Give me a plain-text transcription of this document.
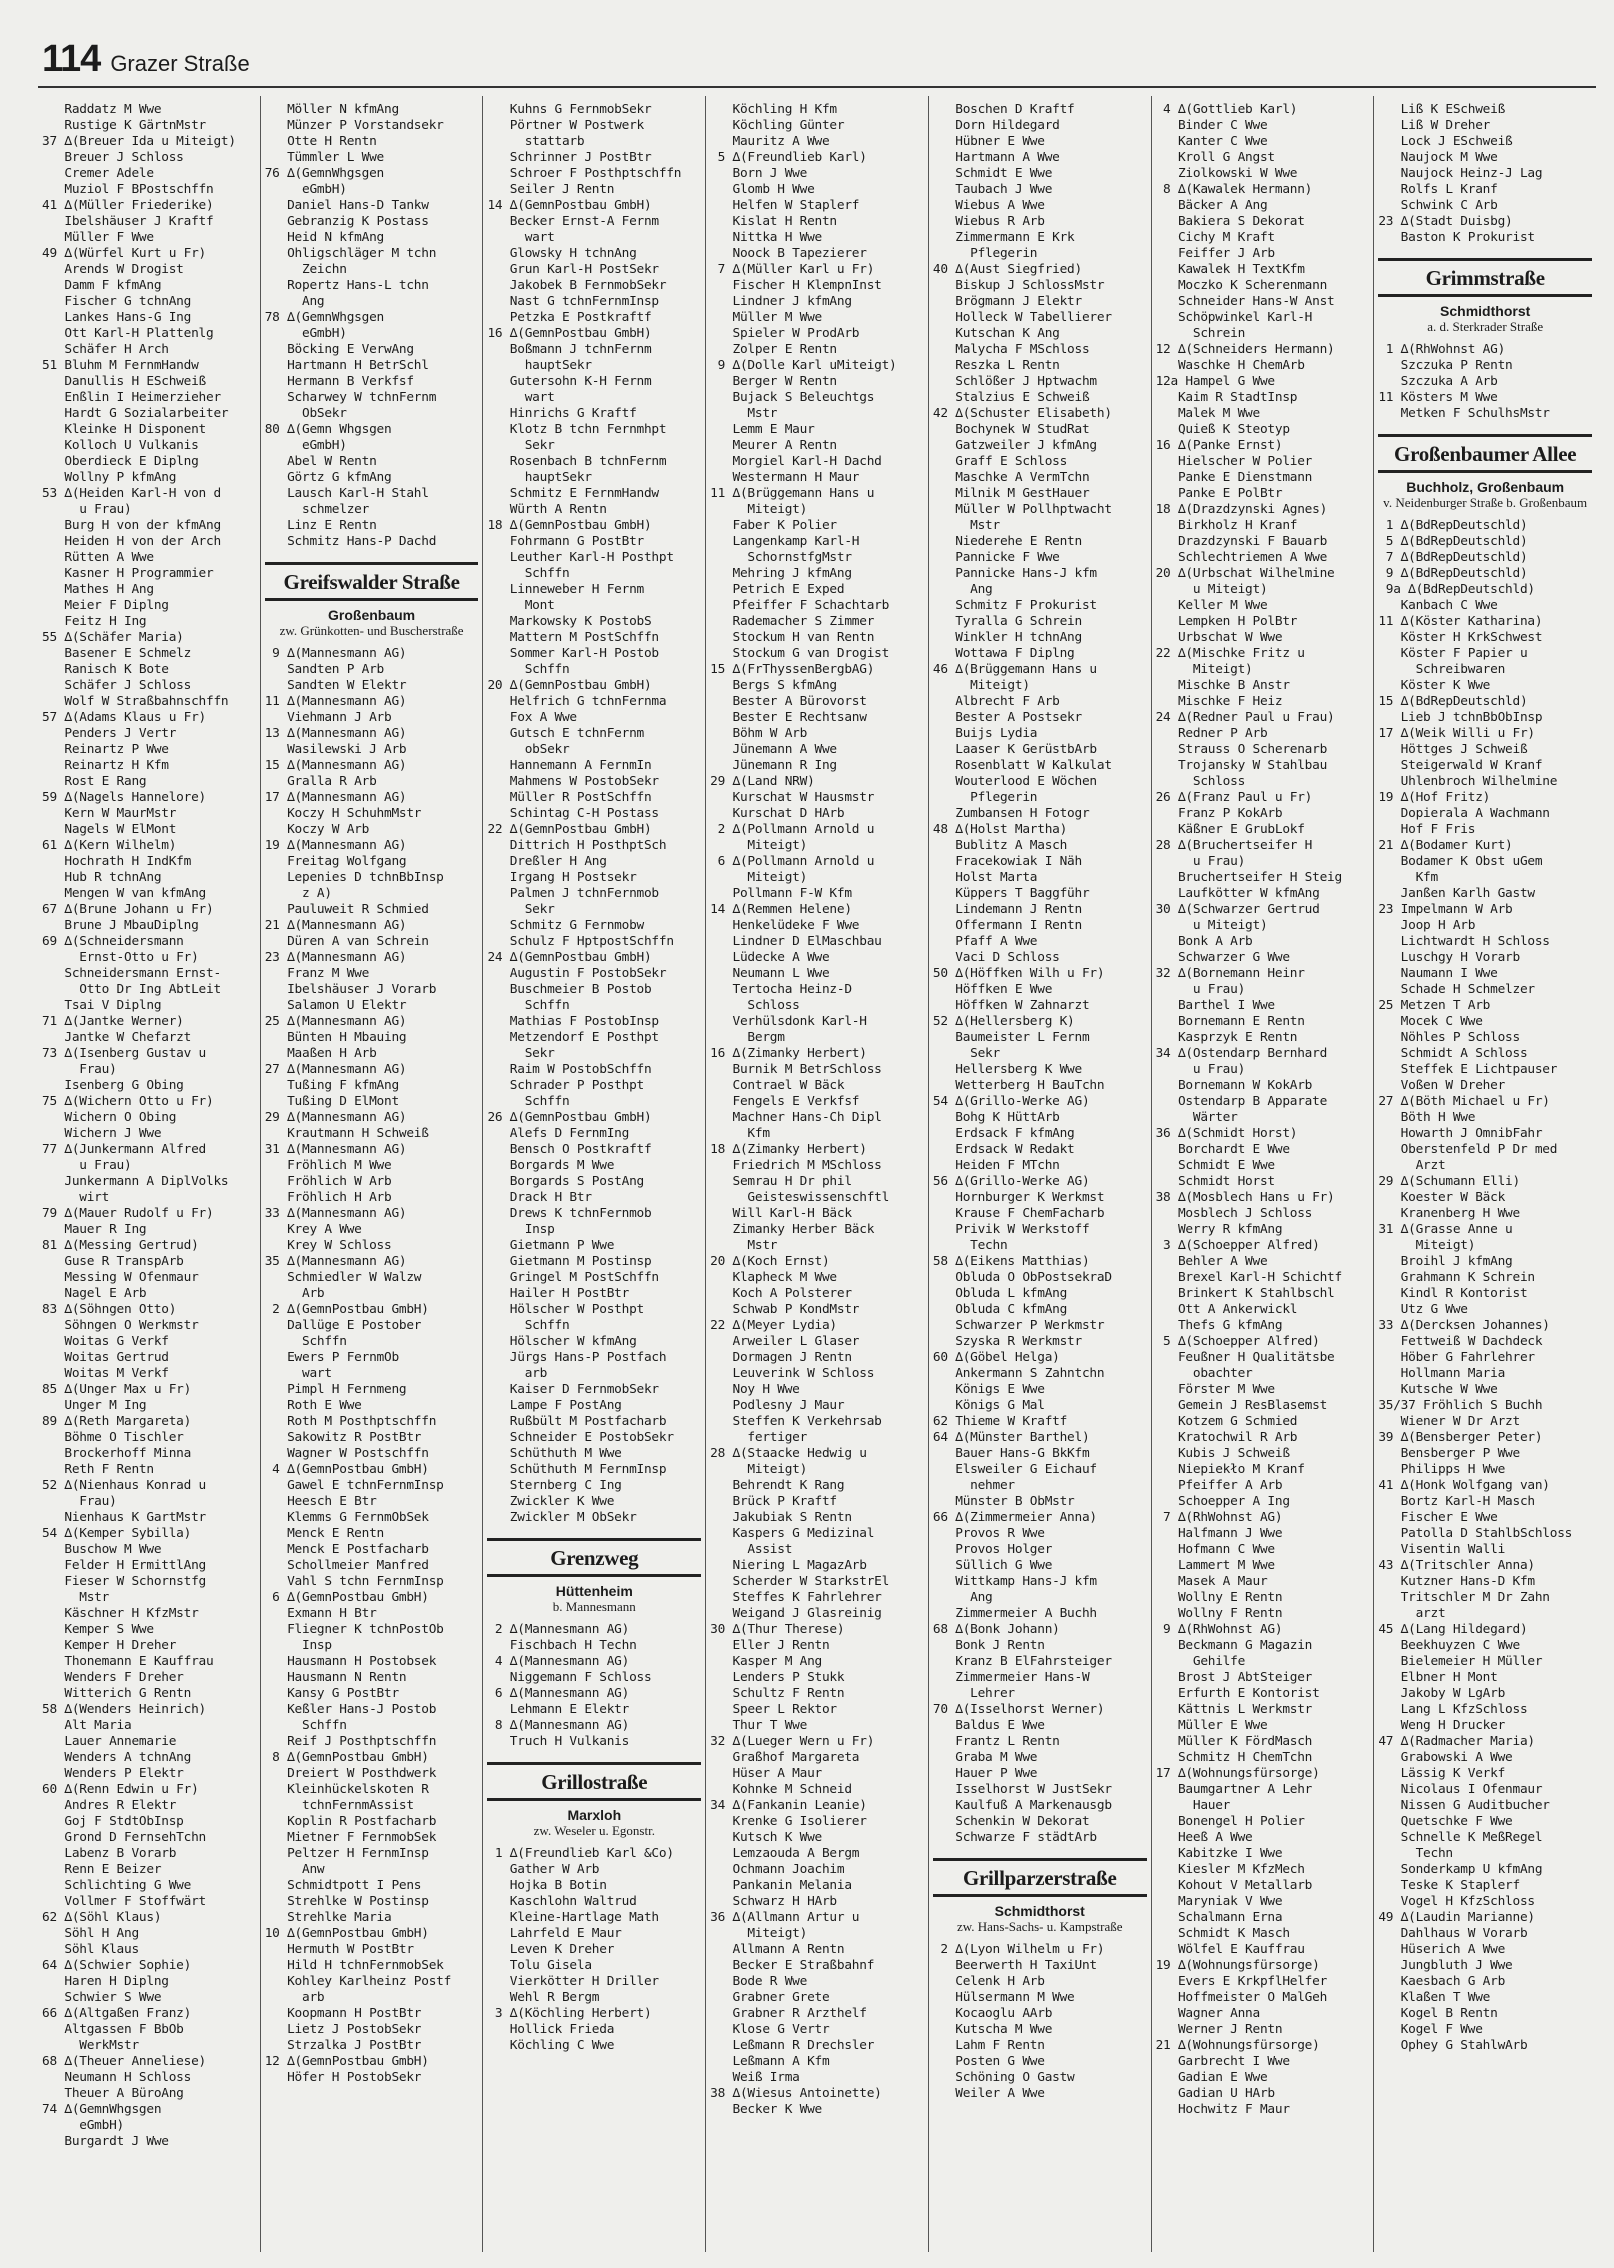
114 Grazer Straße
Raddatz M Wwe
Rustige K GärtnMstr
37 ∆(Breuer Ida u Miteigt)
Breuer J Schloss
Cremer Adele
Muziol F BPostschffn
41 ∆(Müller Friederike)
Ibelshäuser J Kraftf
Müller F Wwe
49 ∆(Würfel Kurt u Fr)
Arends W Drogist
Damm F kfmAng
Fischer G tchnAng
Lankes Hans-G Ing
Ott Karl-H Plattenlg
Schäfer H Arch
51 Bluhm M FernmHandw
Danullis H ESchweiß
Enßlin I Heimerzieher
Hardt G Sozialarbeiter
Kleinke H Disponent
Kolloch U Vulkanis
Oberdieck E Diplng
Wollny P kfmAng
53 ∆(Heiden Karl-H von d
u Frau)
Burg H von der kfmAng
Heiden H von der Arch
Rütten A Wwe
Kasner H Programmier
Mathes H Ang
Meier F Diplng
Feitz H Ing
55 ∆(Schäfer Maria)
Basener E Schmelz
Ranisch K Bote
Schäfer J Schloss
Wolf W Straßbahnschffn
57 ∆(Adams Klaus u Fr)
Penders J Vertr
Reinartz P Wwe
Reinartz H Kfm
Rost E Rang
59 ∆(Nagels Hannelore)
Kern W MaurMstr
Nagels W ElMont
61 ∆(Kern Wilhelm)
Hochrath H IndKfm
Hub R tchnAng
Mengen W van kfmAng
67 ∆(Brune Johann u Fr)
Brune J MbauDiplng
69 ∆(Schneidersmann
Ernst-Otto u Fr)
Schneidersmann Ernst-
Otto Dr Ing AbtLeit
Tsai V Diplng
71 ∆(Jantke Werner)
Jantke W Chefarzt
73 ∆(Isenberg Gustav u
Frau)
Isenberg G Obing
75 ∆(Wichern Otto u Fr)
Wichern O Obing
Wichern J Wwe
77 ∆(Junkermann Alfred
u Frau)
Junkermann A DiplVolks
wirt
79 ∆(Mauer Rudolf u Fr)
Mauer R Ing
81 ∆(Messing Gertrud)
Guse R TranspArb
Messing W Ofenmaur
Nagel E Arb
83 ∆(Söhngen Otto)
Söhngen O Werkmstr
Woitas G Verkf
Woitas Gertrud
Woitas M Verkf
85 ∆(Unger Max u Fr)
Unger M Ing
89 ∆(Reth Margareta)
Böhme O Tischler
Brockerhoff Minna
Reth F Rentn
52 ∆(Nienhaus Konrad u
Frau)
Nienhaus K GartMstr
54 ∆(Kemper Sybilla)
Buschow M Wwe
Felder H ErmittlAng
Fieser W Schornstfg
Mstr
Käschner H KfzMstr
Kemper S Wwe
Kemper H Dreher
Thonemann E Kauffrau
Wenders F Dreher
Witterich G Rentn
58 ∆(Wenders Heinrich)
Alt Maria
Lauer Annemarie
Wenders A tchnAng
Wenders P Elektr
60 ∆(Renn Edwin u Fr)
Andres R Elektr
Goj F StdtObInsp
Grond D FernsehTchn
Labenz B Vorarb
Renn E Beizer
Schlichting G Wwe
Vollmer F Stoffwärt
62 ∆(Söhl Klaus)
Söhl H Ang
Söhl Klaus
64 ∆(Schwier Sophie)
Haren H Diplng
Schwier S Wwe
66 ∆(Altgaßen Franz)
Altgassen F BbOb
WerkMstr
68 ∆(Theuer Anneliese)
Neumann H Schloss
Theuer A BüroAng
74 ∆(GemnWhgsgen
eGmbH)
Burgardt J Wwe
Möller N kfmAng
Münzer P Vorstandsekr
Otte H Rentn
Tümmler L Wwe
76 ∆(GemnWhgsgen
eGmbH)
Daniel Hans-D Tankw
Gebranzig K Postass
Heid N kfmAng
Ohligschläger M tchn
Zeichn
Ropertz Hans-L tchn
Ang
78 ∆(GemnWhgsgen
eGmbH)
Böcking E VerwAng
Hartmann H BetrSchl
Hermann B Verkfsf
Scharwey W tchnFernm
ObSekr
80 ∆(Gemn Whgsgen
eGmbH)
Abel W Rentn
Görtz G kfmAng
Lausch Karl-H Stahl
schmelzer
Linz E Rentn
Schmitz Hans-P Dachd
Greifswalder Straße
Großenbaum
zw. Grünkotten- und Buscherstraße
9 ∆(Mannesmann AG)
Sandten P Arb
Sandten W Elektr
11 ∆(Mannesmann AG)
Viehmann J Arb
13 ∆(Mannesmann AG)
Wasilewski J Arb
15 ∆(Mannesmann AG)
Gralla R Arb
17 ∆(Mannesmann AG)
Koczy H SchuhmMstr
Koczy W Arb
19 ∆(Mannesmann AG)
Freitag Wolfgang
Lepenies D tchnBbInsp
z A)
Pauluweit R Schmied
21 ∆(Mannesmann AG)
Düren A van Schrein
23 ∆(Mannesmann AG)
Franz M Wwe
Ibelshäuser J Vorarb
Salamon U Elektr
25 ∆(Mannesmann AG)
Bünten H Mbauing
Maaßen H Arb
27 ∆(Mannesmann AG)
Tußing F kfmAng
Tußing D ElMont
29 ∆(Mannesmann AG)
Krautmann H Schweiß
31 ∆(Mannesmann AG)
Fröhlich M Wwe
Fröhlich W Arb
Fröhlich H Arb
33 ∆(Mannesmann AG)
Krey A Wwe
Krey W Schloss
35 ∆(Mannesmann AG)
Schmiedler W Walzw
Arb
2 ∆(GemnPostbau GmbH)
Dallüge E Postober
Schffn
Ewers P FernmOb
wart
Pimpl H Fernmeng
Roth E Wwe
Roth M Posthptschffn
Sakowitz R PostBtr
Wagner W Postschffn
4 ∆(GemnPostbau GmbH)
Gawel E tchnFernmInsp
Heesch E Btr
Klemms G FernmObSek
Menck E Rentn
Menck E Postfacharb
Schollmeier Manfred
Vahl S tchn FernmInsp
6 ∆(GemnPostbau GmbH)
Exmann H Btr
Fliegner K tchnPostOb
Insp
Hausmann H Postobsek
Hausmann N Rentn
Kansy G PostBtr
Keßler Hans-J Postob
Schffn
Reif J Posthptschffn
8 ∆(GemnPostbau GmbH)
Dreiert W Posthdwerk
Kleinhückelskoten R
tchnFernmAssist
Koplin R Postfacharb
Mietner F FernmobSek
Peltzer H FernmInsp
Anw
Schmidtpott I Pens
Strehlke W Postinsp
Strehlke Maria
10 ∆(GemnPostbau GmbH)
Hermuth W PostBtr
Hild H tchnFernmobSek
Kohley Karlheinz Postf
arb
Koopmann H PostBtr
Lietz J PostobSekr
Strzalka J PostBtr
12 ∆(GemnPostbau GmbH)
Höfer H PostobSekr
Kuhns G FernmobSekr
Pörtner W Postwerk
stattarb
Schrinner J PostBtr
Schroer F Posthptschffn
Seiler J Rentn
14 ∆(GemnPostbau GmbH)
Becker Ernst-A Fernm
wart
Glowsky H tchnAng
Grun Karl-H PostSekr
Jakobek B FernmobSekr
Nast G tchnFernmInsp
Petzka E Postkraftf
16 ∆(GemnPostbau GmbH)
Boßmann J tchnFernm
hauptSekr
Gutersohn K-H Fernm
wart
Hinrichs G Kraftf
Klotz B tchn Fernmhpt
Sekr
Rosenbach B tchnFernm
hauptSekr
Schmitz E FernmHandw
Würth A Rentn
18 ∆(GemnPostbau GmbH)
Fohrmann G PostBtr
Leuther Karl-H Posthpt
Schffn
Linneweber H Fernm
Mont
Markowsky K PostobS
Mattern M PostSchffn
Sommer Karl-H Postob
Schffn
20 ∆(GemnPostbau GmbH)
Helfrich G tchnFernma
Fox A Wwe
Gutsch E tchnFernm
obSekr
Hannemann A FernmIn
Mahmens W PostobSekr
Müller R PostSchffn
Schintag C-H Postass
22 ∆(GemnPostbau GmbH)
Dittrich H PosthptSch
Dreßler H Ang
Irgang H Postsekr
Palmen J tchnFernmob
Sekr
Schmitz G Fernmobw
Schulz F HptpostSchffn
24 ∆(GemnPostbau GmbH)
Augustin F PostobSekr
Buschmeier B Postob
Schffn
Mathias F PostobInsp
Metzendorf E Posthpt
Sekr
Raim W PostobSchffn
Schrader P Posthpt
Schffn
26 ∆(GemnPostbau GmbH)
Alefs D FernmIng
Bensch O Postkraftf
Borgards M Wwe
Borgards S PostAng
Drack H Btr
Drews K tchnFernmob
Insp
Gietmann P Wwe
Gietmann M Postinsp
Gringel M PostSchffn
Hailer H PostBtr
Hölscher W Posthpt
Schffn
Hölscher W kfmAng
Jürgs Hans-P Postfach
arb
Kaiser D FernmobSekr
Lampe F PostAng
Rußbült M Postfacharb
Schneider E PostobSekr
Schüthuth M Wwe
Schüthuth M FernmInsp
Sternberg C Ing
Zwickler K Wwe
Zwickler M ObSekr
Grenzweg
Hüttenheim
b. Mannesmann
2 ∆(Mannesmann AG)
Fischbach H Techn
4 ∆(Mannesmann AG)
Niggemann F Schloss
6 ∆(Mannesmann AG)
Lehmann E Elektr
8 ∆(Mannesmann AG)
Truch H Vulkanis
Grillostraße
Marxloh
zw. Weseler u. Egonstr.
1 ∆(Freundlieb Karl &Co)
Gather W Arb
Hojka B Botin
Kaschlohn Waltrud
Kleine-Hartlage Math
Lahrfeld E Maur
Leven K Dreher
Tolu Gisela
Vierkötter H Driller
Wehl R Bergm
3 ∆(Köchling Herbert)
Hollick Frieda
Köchling C Wwe
Köchling H Kfm
Köchling Günter
Mauritz A Wwe
5 ∆(Freundlieb Karl)
Born J Wwe
Glomb H Wwe
Helfen W Staplerf
Kislat H Rentn
Nittka H Wwe
Noock B Tapezierer
7 ∆(Müller Karl u Fr)
Fischer H KlempnInst
Lindner J kfmAng
Müller M Wwe
Spieler W ProdArb
Zolper E Rentn
9 ∆(Dolle Karl uMiteigt)
Berger W Rentn
Bujack S Beleuchtgs
Mstr
Lemm E Maur
Meurer A Rentn
Morgiel Karl-H Dachd
Westermann H Maur
11 ∆(Brüggemann Hans u
Miteigt)
Faber K Polier
Langenkamp Karl-H
SchornstfgMstr
Mehring J kfmAng
Petrich E Exped
Pfeiffer F Schachtarb
Rademacher S Zimmer
Stockum H van Rentn
Stockum G van Drogist
15 ∆(FrThyssenBergbAG)
Bergs S kfmAng
Bester A Bürovorst
Bester E Rechtsanw
Böhm W Arb
Jünemann A Wwe
Jünemann R Ing
29 ∆(Land NRW)
Kurschat W Hausmstr
Kurschat D HArb
2 ∆(Pollmann Arnold u
Miteigt)
6 ∆(Pollmann Arnold u
Miteigt)
Pollmann F-W Kfm
14 ∆(Remmen Helene)
Henkelüdeke F Wwe
Lindner D ElMaschbau
Lüdecke A Wwe
Neumann L Wwe
Tertocha Heinz-D
Schloss
Verhülsdonk Karl-H
Bergm
16 ∆(Zimanky Herbert)
Burnik M BetrSchloss
Contrael W Bäck
Fengels E Verkfsf
Machner Hans-Ch Dipl
Kfm
18 ∆(Zimanky Herbert)
Friedrich M MSchloss
Semrau H Dr phil
Geisteswissenschftl
Will Karl-H Bäck
Zimanky Herber Bäck
Mstr
20 ∆(Koch Ernst)
Klapheck M Wwe
Koch A Polsterer
Schwab P KondMstr
22 ∆(Meyer Lydia)
Arweiler L Glaser
Dormagen J Rentn
Leuverink W Schloss
Noy H Wwe
Podlesny J Maur
Steffen K Verkehrsab
fertiger
28 ∆(Staacke Hedwig u
Miteigt)
Behrendt K Rang
Brück P Kraftf
Jakubiak S Rentn
Kaspers G Medizinal
Assist
Niering L MagazArb
Scherder W StarkstrEl
Steffes K Fahrlehrer
Weigand J Glasreinig
30 ∆(Thur Therese)
Eller J Rentn
Kasper M Ang
Lenders P Stukk
Schultz F Rentn
Speer L Rektor
Thur T Wwe
32 ∆(Lueger Wern u Fr)
Graßhof Margareta
Hüser A Maur
Kohnke M Schneid
34 ∆(Fankanin Leanie)
Krenke G Isolierer
Kutsch K Wwe
Lemzaouda A Bergm
Ochmann Joachim
Pankanin Melania
Schwarz H HArb
36 ∆(Allmann Artur u
Miteigt)
Allmann A Rentn
Becker E Straßbahnf
Bode R Wwe
Grabner Grete
Grabner R Arzthelf
Klose G Vertr
Leßmann R Drechsler
Leßmann A Kfm
Weiß Irma
38 ∆(Wiesus Antoinette)
Becker K Wwe
Boschen D Kraftf
Dorn Hildegard
Hübner E Wwe
Hartmann A Wwe
Schmidt E Wwe
Taubach J Wwe
Wiebus A Wwe
Wiebus R Arb
Zimmermann E Krk
Pflegerin
40 ∆(Aust Siegfried)
Biskup J SchlossMstr
Brögmann J Elektr
Holleck W Tabellierer
Kutschan K Ang
Malycha F MSchloss
Reszka L Rentn
Schlößer J Hptwachm
Stalzius E Schweiß
42 ∆(Schuster Elisabeth)
Bochynek W StudRat
Gatzweiler J kfmAng
Graff E Schloss
Maschke A VermTchn
Milnik M GestHauer
Müller W Pollhptwacht
Mstr
Niederehe E Rentn
Pannicke F Wwe
Pannicke Hans-J kfm
Ang
Schmitz F Prokurist
Tyralla G Schrein
Winkler H tchnAng
Wottawa F Diplng
46 ∆(Brüggemann Hans u
Miteigt)
Albrecht F Arb
Bester A Postsekr
Buijs Lydia
Laaser K GerüstbArb
Rosenblatt W Kalkulat
Wouterlood E Wöchen
Pflegerin
Zumbansen H Fotogr
48 ∆(Holst Martha)
Bublitz A Masch
Fracekowiak I Näh
Holst Marta
Küppers T Baggführ
Lindemann J Rentn
Offermann I Rentn
Pfaff A Wwe
Vaci D Schloss
50 ∆(Höffken Wilh u Fr)
Höffken E Wwe
Höffken W Zahnarzt
52 ∆(Hellersberg K)
Baumeister L Fernm
Sekr
Hellersberg K Wwe
Wetterberg H BauTchn
54 ∆(Grillo-Werke AG)
Bohg K HüttArb
Erdsack F kfmAng
Erdsack W Redakt
Heiden F MTchn
56 ∆(Grillo-Werke AG)
Hornburger K Werkmst
Krause F ChemFacharb
Privik W Werkstoff
Techn
58 ∆(Eikens Matthias)
Obluda O ObPostsekraD
Obluda L kfmAng
Obluda C kfmAng
Schwarzer P Werkmstr
Szyska R Werkmstr
60 ∆(Göbel Helga)
Ankermann S Zahntchn
Königs E Wwe
Königs G Mal
62 Thieme W Kraftf
64 ∆(Münster Barthel)
Bauer Hans-G BkKfm
Elsweiler G Eichauf
nehmer
Münster B ObMstr
66 ∆(Zimmermeier Anna)
Provos R Wwe
Provos Holger
Süllich G Wwe
Wittkamp Hans-J kfm
Ang
Zimmermeier A Buchh
68 ∆(Bonk Johann)
Bonk J Rentn
Kranz B ElFahrsteiger
Zimmermeier Hans-W
Lehrer
70 ∆(Isselhorst Werner)
Baldus E Wwe
Frantz L Rentn
Graba M Wwe
Hauer P Wwe
Isselhorst W JustSekr
Kaulfuß A Markenausgb
Schenkin W Dekorat
Schwarze F städtArb
Grillparzerstraße
Schmidthorst
zw. Hans-Sachs- u. Kampstraße
2 ∆(Lyon Wilhelm u Fr)
Beerwerth H TaxiUnt
Celenk H Arb
Hülsermann M Wwe
Kocaoglu AArb
Kutscha M Wwe
Lahm F Rentn
Posten G Wwe
Schöning O Gastw
Weiler A Wwe
4 ∆(Gottlieb Karl)
Binder C Wwe
Kanter C Wwe
Kroll G Angst
Ziolkowski W Wwe
8 ∆(Kawalek Hermann)
Bäcker A Ang
Bakiera S Dekorat
Cichy M Kraft
Feiffer J Arb
Kawalek H TextKfm
Moczko K Scherenmann
Schneider Hans-W Anst
Schöpwinkel Karl-H
Schrein
12 ∆(Schneiders Hermann)
Waschke H ChemArb
12a Hampel G Wwe
Kaim R StadtInsp
Malek M Wwe
Quieß K Steotyp
16 ∆(Panke Ernst)
Hielscher W Polier
Panke E Dienstmann
Panke E PolBtr
18 ∆(Drazdzynski Agnes)
Birkholz H Kranf
Drazdzynski F Bauarb
Schlechtriemen A Wwe
20 ∆(Urbschat Wilhelmine
u Miteigt)
Keller M Wwe
Lempken H PolBtr
Urbschat W Wwe
22 ∆(Mischke Fritz u
Miteigt)
Mischke B Anstr
Mischke F Heiz
24 ∆(Redner Paul u Frau)
Redner P Arb
Strauss O Scherenarb
Trojansky W Stahlbau
Schloss
26 ∆(Franz Paul u Fr)
Franz P KokArb
Käßner E GrubLokf
28 ∆(Bruchertseifer H
u Frau)
Bruchertseifer H Steig
Laufkötter W kfmAng
30 ∆(Schwarzer Gertrud
u Miteigt)
Bonk A Arb
Schwarzer G Wwe
32 ∆(Bornemann Heinr
u Frau)
Barthel I Wwe
Bornemann E Rentn
Kasprzyk E Rentn
34 ∆(Ostendarp Bernhard
u Frau)
Bornemann W KokArb
Ostendarp B Apparate
Wärter
36 ∆(Schmidt Horst)
Borchardt E Wwe
Schmidt E Wwe
Schmidt Horst
38 ∆(Mosblech Hans u Fr)
Mosblech J Schloss
Werry R kfmAng
3 ∆(Schoepper Alfred)
Behler A Wwe
Brexel Karl-H Schichtf
Brinkert K Stahlbschl
Ott A Ankerwickl
Thefs G kfmAng
5 ∆(Schoepper Alfred)
Feußner H Qualitätsbe
obachter
Förster M Wwe
Gemein J ResBlasemst
Kotzem G Schmied
Kratochwil R Arb
Kubis J Schweiß
Niepiekło M Kranf
Pfeiffer A Arb
Schoepper A Ing
7 ∆(RhWohnst AG)
Halfmann J Wwe
Hofmann C Wwe
Lammert M Wwe
Masek A Maur
Wollny E Rentn
Wollny F Rentn
9 ∆(RhWohnst AG)
Beckmann G Magazin
Gehilfe
Brost J AbtSteiger
Erfurth E Kontorist
Kättnis L Werkmstr
Müller E Wwe
Müller K FördMasch
Schmitz H ChemTchn
17 ∆(Wohnungsfürsorge)
Baumgartner A Lehr
Hauer
Bonengel H Polier
Heeß A Wwe
Kabitzke I Wwe
Kiesler M KfzMech
Kohout V Metallarb
Maryniak V Wwe
Schalmann Erna
Schmidt K Masch
Wölfel E Kauffrau
19 ∆(Wohnungsfürsorge)
Evers E KrkpflHelfer
Hoffmeister O MalGeh
Wagner Anna
Werner J Rentn
21 ∆(Wohnungsfürsorge)
Garbrecht I Wwe
Gadian E Wwe
Gadian U HArb
Hochwitz F Maur
Liß K ESchweiß
Liß W Dreher
Lock J ESchweiß
Naujock M Wwe
Naujock Heinz-J Lag
Rolfs L Kranf
Schwink C Arb
23 ∆(Stadt Duisbg)
Baston K Prokurist
Grimmstraße
Schmidthorst
a. d. Sterkrader Straße
1 ∆(RhWohnst AG)
Szczuka P Rentn
Szczuka A Arb
11 Kösters M Wwe
Metken F SchulhsMstr
Großenbaumer Allee
Buchholz, Großenbaum
v. Neidenburger Straße b. Großenbaum
1 ∆(BdRepDeutschld)
5 ∆(BdRepDeutschld)
7 ∆(BdRepDeutschld)
9 ∆(BdRepDeutschld)
9a ∆(BdRepDeutschld)
Kanbach C Wwe
11 ∆(Köster Katharina)
Köster H KrkSchwest
Köster F Papier u
Schreibwaren
Köster K Wwe
15 ∆(BdRepDeutschld)
Lieb J tchnBbObInsp
17 ∆(Weik Willi u Fr)
Höttges J Schweiß
Steigerwald W Kranf
Uhlenbroch Wilhelmine
19 ∆(Hof Fritz)
Dopierala A Wachmann
Hof F Fris
21 ∆(Bodamer Kurt)
Bodamer K Obst uGem
Kfm
Janßen Karlh Gastw
23 Impelmann W Arb
Joop H Arb
Lichtwardt H Schloss
Luschgy H Vorarb
Naumann I Wwe
Schade H Schmelzer
25 Metzen T Arb
Mocek C Wwe
Nöhles P Schloss
Schmidt A Schloss
Steffek E Lichtpauser
Voßen W Dreher
27 ∆(Böth Michael u Fr)
Böth H Wwe
Howarth J OmnibFahr
Oberstenfeld P Dr med
Arzt
29 ∆(Schumann Elli)
Koester W Bäck
Kranenberg H Wwe
31 ∆(Grasse Anne u
Miteigt)
Broihl J kfmAng
Grahmann K Schrein
Kindl R Kontorist
Utz G Wwe
33 ∆(Dercksen Johannes)
Fettweiß W Dachdeck
Höber G Fahrlehrer
Hollmann Maria
Kutsche W Wwe
35/37 Fröhlich S Buchh
Wiener W Dr Arzt
39 ∆(Bensberger Peter)
Bensberger P Wwe
Philipps H Wwe
41 ∆(Honk Wolfgang van)
Bortz Karl-H Masch
Fischer E Wwe
Patolla D StahlbSchloss
Visentin Walli
43 ∆(Tritschler Anna)
Kutzner Hans-D Kfm
Tritschler M Dr Zahn
arzt
45 ∆(Lang Hildegard)
Beekhuyzen C Wwe
Bielemeier H Müller
Elbner H Mont
Jakoby W LgArb
Lang L KfzSchloss
Weng H Drucker
47 ∆(Radmacher Maria)
Grabowski A Wwe
Lässig K Verkf
Nicolaus I Ofenmaur
Nissen G Auditbucher
Quetschke F Wwe
Schnelle K MeßRegel
Techn
Sonderkamp U kfmAng
Teske K Staplerf
Vogel H KfzSchloss
49 ∆(Laudin Marianne)
Dahlhaus W Vorarb
Hüserich A Wwe
Jungbluth J Wwe
Kaesbach G Arb
Klaßen T Wwe
Kogel B Rentn
Kogel F Wwe
Ophey G StahlwArb
